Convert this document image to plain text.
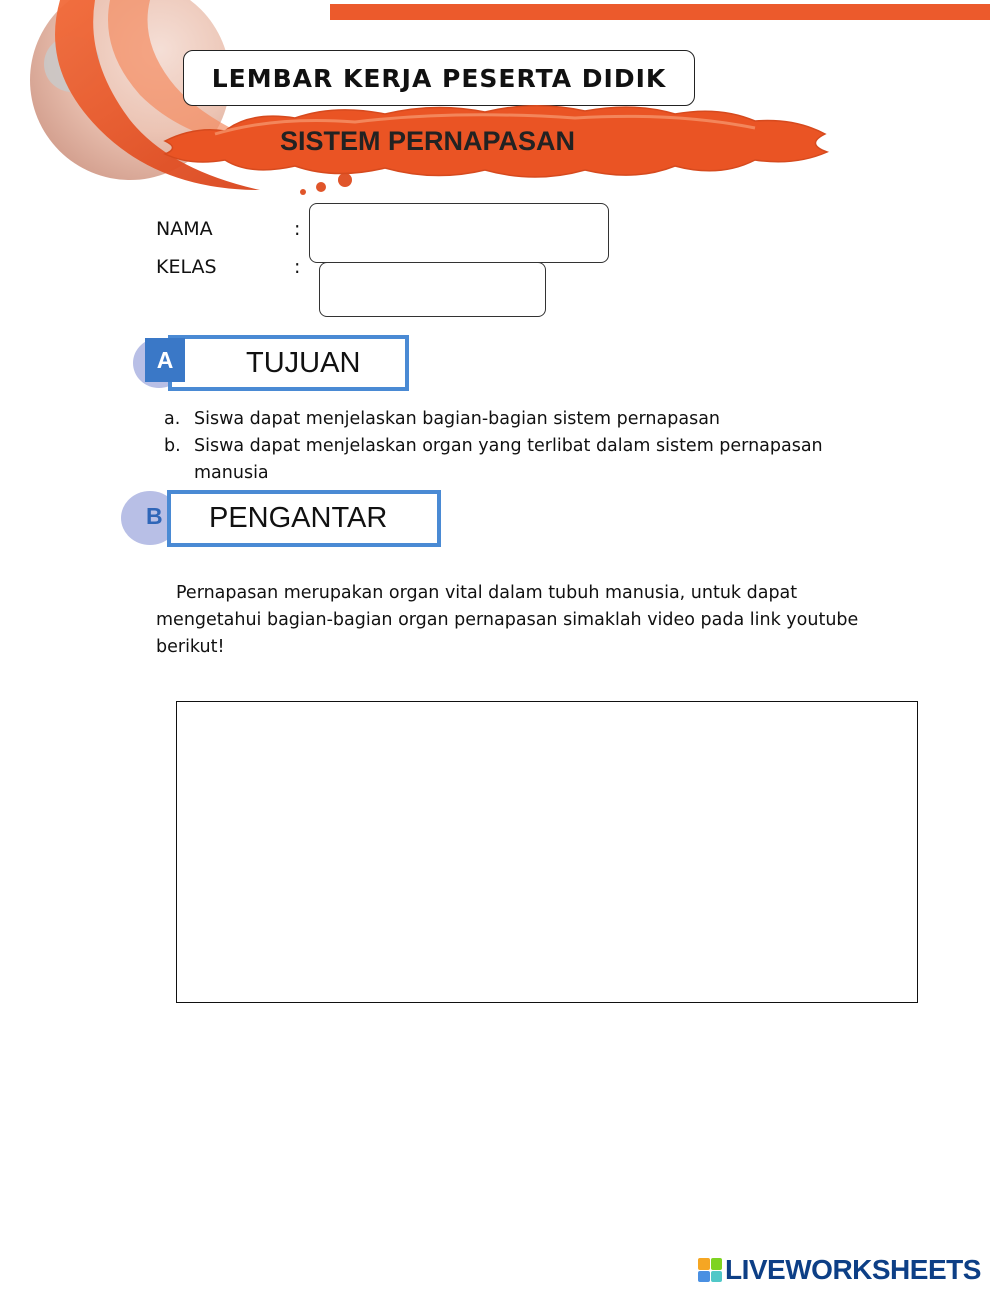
LEMBAR KERJA PESERTA DIDIK
SISTEM PERNAPASAN
NAMA	:
KELAS	:
TUJUAN
A
a. Siswa dapat menjelaskan bagian-bagian sistem pernapasan
b. Siswa dapat menjelaskan organ yang terlibat dalam sistem pernapasan
manusia
PENGANTAR
B
Pernapasan merupakan organ vital dalam tubuh manusia, untuk dapat
mengetahui bagian-bagian organ pernapasan simaklah video pada link youtube
berikut!
LIVEWORKSHEETS
